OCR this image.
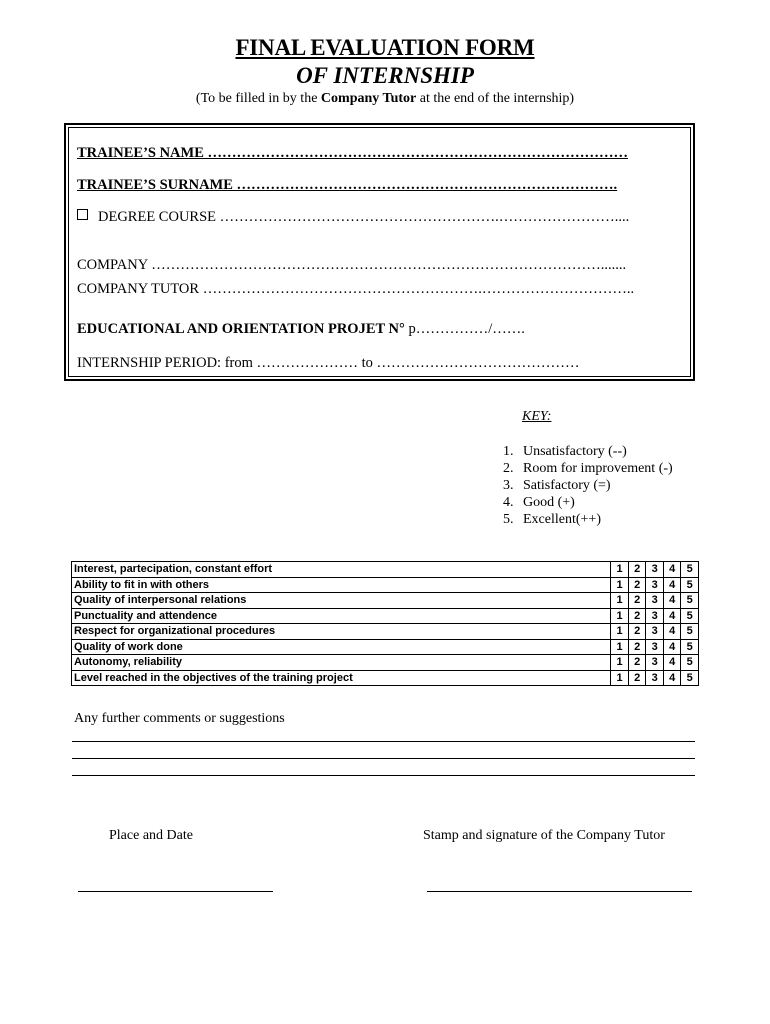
FINAL EVALUATION FORM
OF INTERNSHIP
(To be filled in by the Company Tutor at the end of the internship)
TRAINEE’S NAME ……………………………………………………………………………
TRAINEE’S SURNAME …………………………………………………………………….
DEGREE COURSE ………………………………………………….……………………....
COMPANY ………………………………………………………………………………….......
COMPANY TUTOR ………………………………………………….…………………………..
EDUCATIONAL AND ORIENTATION PROJET N° p……………/…….
INTERNSHIP PERIOD: from ………………… to ……………………………………
KEY:
1. Unsatisfactory (--)
2. Room for improvement (-)
3. Satisfactory (=)
4. Good (+)
5. Excellent(++)
Interest, partecipation, constant effort	1	2	3	4	5
Ability to fit in with others	1	2	3	4	5
Quality of interpersonal relations	1	2	3	4	5
Punctuality and attendence	1	2	3	4	5
Respect for organizational procedures	1	2	3	4	5
Quality of work done	1	2	3	4	5
Autonomy, reliability	1	2	3	4	5
Level reached in the objectives of the training project	1	2	3	4	5
Any further comments or suggestions
Place and Date	Stamp and signature of the Company Tutor
